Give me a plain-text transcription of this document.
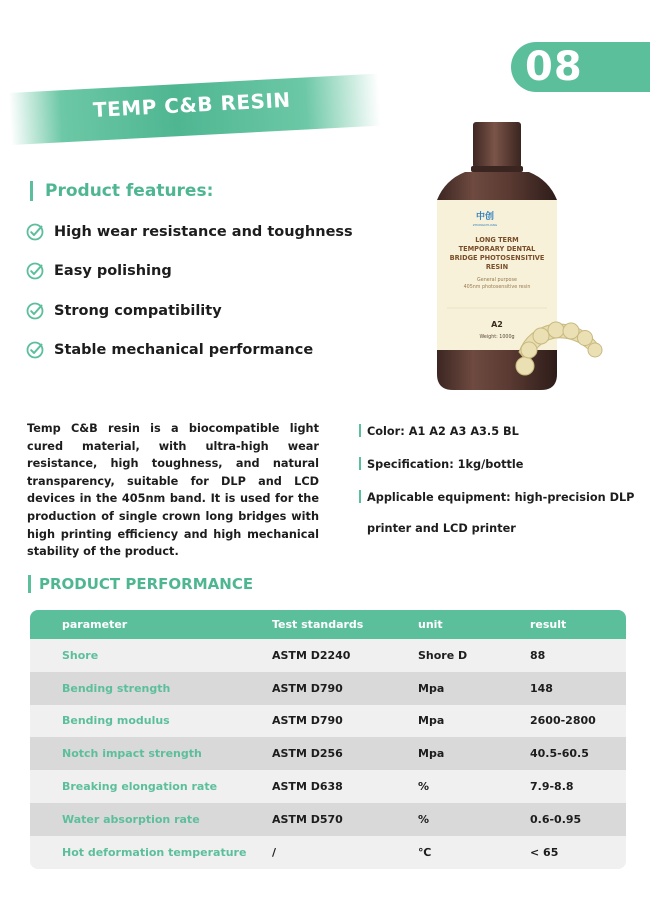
08
TEMP C&B RESIN
Product features:
High wear resistance and toughness
Easy polishing
Strong compatibility
Stable mechanical performance
中创
ZHONGCHUANG
LONG TERM
TEMPORARY DENTAL
BRIDGE PHOTOSENSITIVE
RESIN
General purpose
405nm photosensitive resin
A2
Weight: 1000g
Temp C&B resin is a biocompatible light cured material, with ultra-high wear resistance, high toughness, and natural transparency, suitable for DLP and LCD devices in the 405nm band. It is used for the production of single crown long bridges with high printing efficiency and high mechanical stability of the product.
Color: A1 A2 A3 A3.5 BL
Specification: 1kg/bottle
Applicable equipment: high-precision DLP
printer and LCD printer
PRODUCT PERFORMANCE
parameter	Test standards	unit	result
Shore	ASTM D2240	Shore D	88
Bending strength	ASTM D790	Mpa	148
Bending modulus	ASTM D790	Mpa	2600-2800
Notch impact strength	ASTM D256	Mpa	40.5-60.5
Breaking elongation rate	ASTM D638	%	7.9-8.8
Water absorption rate	ASTM D570	%	0.6-0.95
Hot deformation temperature	/	℃	< 65
